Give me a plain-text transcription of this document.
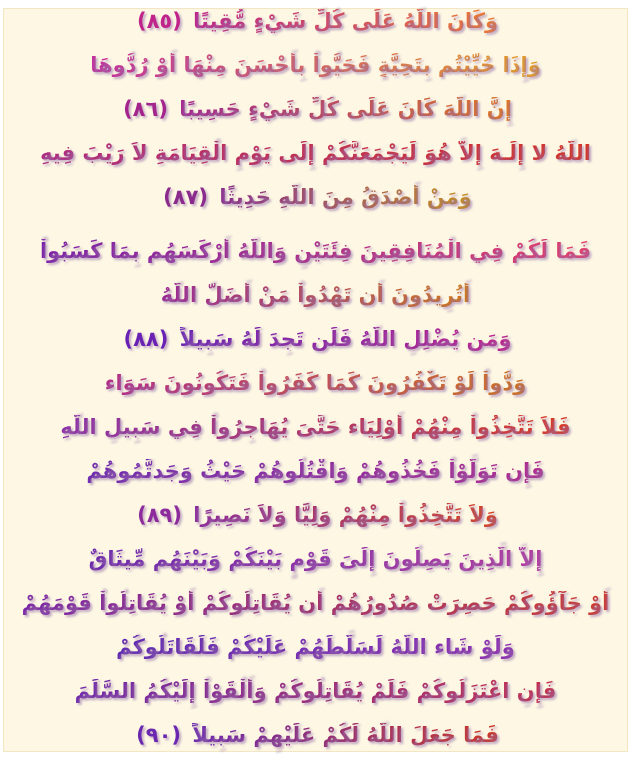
وَكَانَ اللّهُ عَلَى كُلِّ شَيْءٍ مُّقِيتًا (٨٥)
وَإِذَا حُيِّيْتُم بِتَحِيَّةٍ فَحَيُّواْ بِأَحْسَنَ مِنْهَا أَوْ رُدُّوهَا
إِنَّ اللّهَ كَانَ عَلَى كُلِّ شَيْءٍ حَسِيبًا (٨٦)
اللّهُ لا إِلَـهَ إِلاَّ هُوَ لَيَجْمَعَنَّكُمْ إِلَى يَوْمِ الْقِيَامَةِ لاَ رَيْبَ فِيهِ
وَمَنْ أَصْدَقُ مِنَ اللّهِ حَدِيثًا (٨٧)
فَمَا لَكُمْ فِي الْمُنَافِقِينَ فِئَتَيْنِ وَاللّهُ أَرْكَسَهُم بِمَا كَسَبُواْ
أَتُرِيدُونَ أَن تَهْدُواْ مَنْ أَضَلَّ اللّهُ
وَمَن يُضْلِلِ اللّهُ فَلَن تَجِدَ لَهُ سَبِيلاً (٨٨)
وَدُّواْ لَوْ تَكْفُرُونَ كَمَا كَفَرُواْ فَتَكُونُونَ سَوَاء
فَلاَ تَتَّخِذُواْ مِنْهُمْ أَوْلِيَاء حَتَّىَ يُهَاجِرُواْ فِي سَبِيلِ اللّهِ
فَإِن تَوَلَّوْاْ فَخُذُوهُمْ وَاقْتُلُوهُمْ حَيْثُ وَجَدتَّمُوهُمْ
وَلاَ تَتَّخِذُواْ مِنْهُمْ وَلِيًّا وَلاَ نَصِيرًا (٨٩)
إِلاَّ الَّذِينَ يَصِلُونَ إِلَىَ قَوْمٍ بَيْنَكُمْ وَبَيْنَهُم مِّيثَاقٌ
أَوْ جَآؤُوكُمْ حَصِرَتْ صُدُورُهُمْ أَن يُقَاتِلُوكُمْ أَوْ يُقَاتِلُواْ قَوْمَهُمْ
وَلَوْ شَاء اللّهُ لَسَلَّطَهُمْ عَلَيْكُمْ فَلَقَاتَلُوكُمْ
فَإِنِ اعْتَزَلُوكُمْ فَلَمْ يُقَاتِلُوكُمْ وَأَلْقَوْاْ إِلَيْكُمُ السَّلَمَ
فَمَا جَعَلَ اللّهُ لَكُمْ عَلَيْهِمْ سَبِيلاً (٩٠)
